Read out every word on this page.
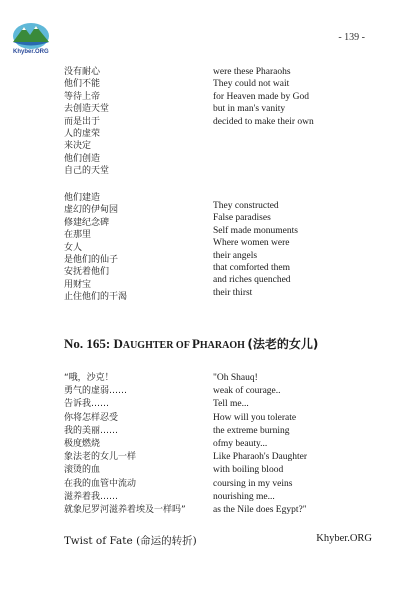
Khyber.ORG
- 139 -
没有耐心
他们不能
等待上帝
去创造天堂
而是出于
人的虚荣
来决定
他们创造
自己的天堂
were these Pharaohs
They could not wait
for Heaven made by God
but in man's vanity
decided to make their own
他们建造
虚幻的伊甸园
修建纪念碑
在那里
女人
是他们的仙子
安抚着他们
用财宝
止住他们的干渴
They constructed
False paradises
Self made monuments
Where women were
their angels
that comforted them
and riches quenched
their thirst
No. 165: DAUGHTER OF PHARAOH (法老的女儿)
“哦，沙克！
勇气的虚弱……
告诉我……
你将怎样忍受
我的美丽……
极度燃烧
象法老的女儿一样
滚烫的血
在我的血管中流动
滋养着我……
就象尼罗河滋养着埃及一样吗”
"Oh Shauq!
weak of courage..
Tell me...
How will you tolerate
the extreme burning
ofmy beauty...
Like Pharaoh's Daughter
with boiling blood
coursing in my veins
nourishing me...
as the Nile does Egypt?"
Twist of Fate (命运的转折)	Khyber.ORG
